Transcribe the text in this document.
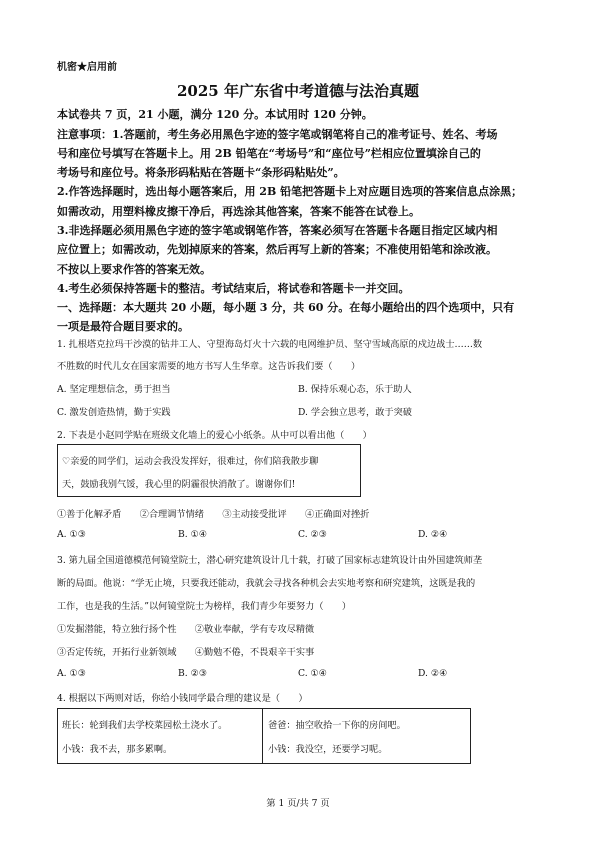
机密★启用前
2025 年广东省中考道德与法治真题
本试卷共 7 页，21 小题，满分 120 分。本试用时 120 分钟。
注意事项：1.答题前，考生务必用黑色字迹的签字笔或钢笔将自己的准考证号、姓名、考场
号和座位号填写在答题卡上。用 2B 铅笔在“考场号”和“座位号”栏相应位置填涂自己的
考场号和座位号。将条形码粘贴在答题卡“条形码粘贴处”。
2.作答选择题时，选出每小题答案后，用 2B 铅笔把答题卡上对应题目选项的答案信息点涂黑；
如需改动，用塑料橡皮擦干净后，再选涂其他答案，答案不能答在试卷上。
3.非选择题必须用黑色字迹的签字笔或钢笔作答，答案必须写在答题卡各题目指定区域内相
应位置上；如需改动，先划掉原来的答案，然后再写上新的答案；不准使用铅笔和涂改液。
不按以上要求作答的答案无效。
4.考生必须保持答题卡的整洁。考试结束后，将试卷和答题卡一并交回。
一、选择题：本大题共 20 小题，每小题 3 分，共 60 分。在每小题给出的四个选项中，只有
一项是最符合题目要求的。
1. 扎根塔克拉玛干沙漠的钻井工人、守望海岛灯火十六载的电网维护员、坚守雪域高原的戍边战士……数
不胜数的时代儿女在国家需要的地方书写人生华章。这告诉我们要（　　）
A. 坚定理想信念，勇于担当	B. 保持乐观心态，乐于助人
C. 激发创造热情，勤于实践	D. 学会独立思考，敢于突破
2. 下表是小赵同学贴在班级文化墙上的爱心小纸条。从中可以看出他（　　）
♡亲爱的同学们，运动会我没发挥好，很难过，你们陪我散步聊
天，鼓励我别气馁，我心里的阴霾很快消散了。谢谢你们!
①善于化解矛盾　　②合理调节情绪　　③主动接受批评　　④正确面对挫折
A. ①③	B. ①④	C. ②③	D. ②④
3. 第九届全国道德模范何镜堂院士，潜心研究建筑设计几十载，打破了国家标志建筑设计由外国建筑师垄
断的局面。他说：“学无止境，只要我还能动，我就会寻找各种机会去实地考察和研究建筑，这既是我的
工作，也是我的生活。”以何镜堂院士为榜样，我们青少年要努力（　　）
①发掘潜能，特立独行扬个性　　②敬业奉献，学有专攻尽精微
③否定传统，开拓行业新领域　　④勤勉不倦，不畏艰辛干实事
A. ①③	B. ②③	C. ①④	D. ②④
4. 根据以下两则对话，你给小钱同学最合理的建议是（　　）
班长：轮到我们去学校菜园松土浇水了。
小钱：我不去，那多累啊。
爸爸：抽空收拾一下你的房间吧。
小钱：我没空，还要学习呢。
第 1 页/共 7 页
